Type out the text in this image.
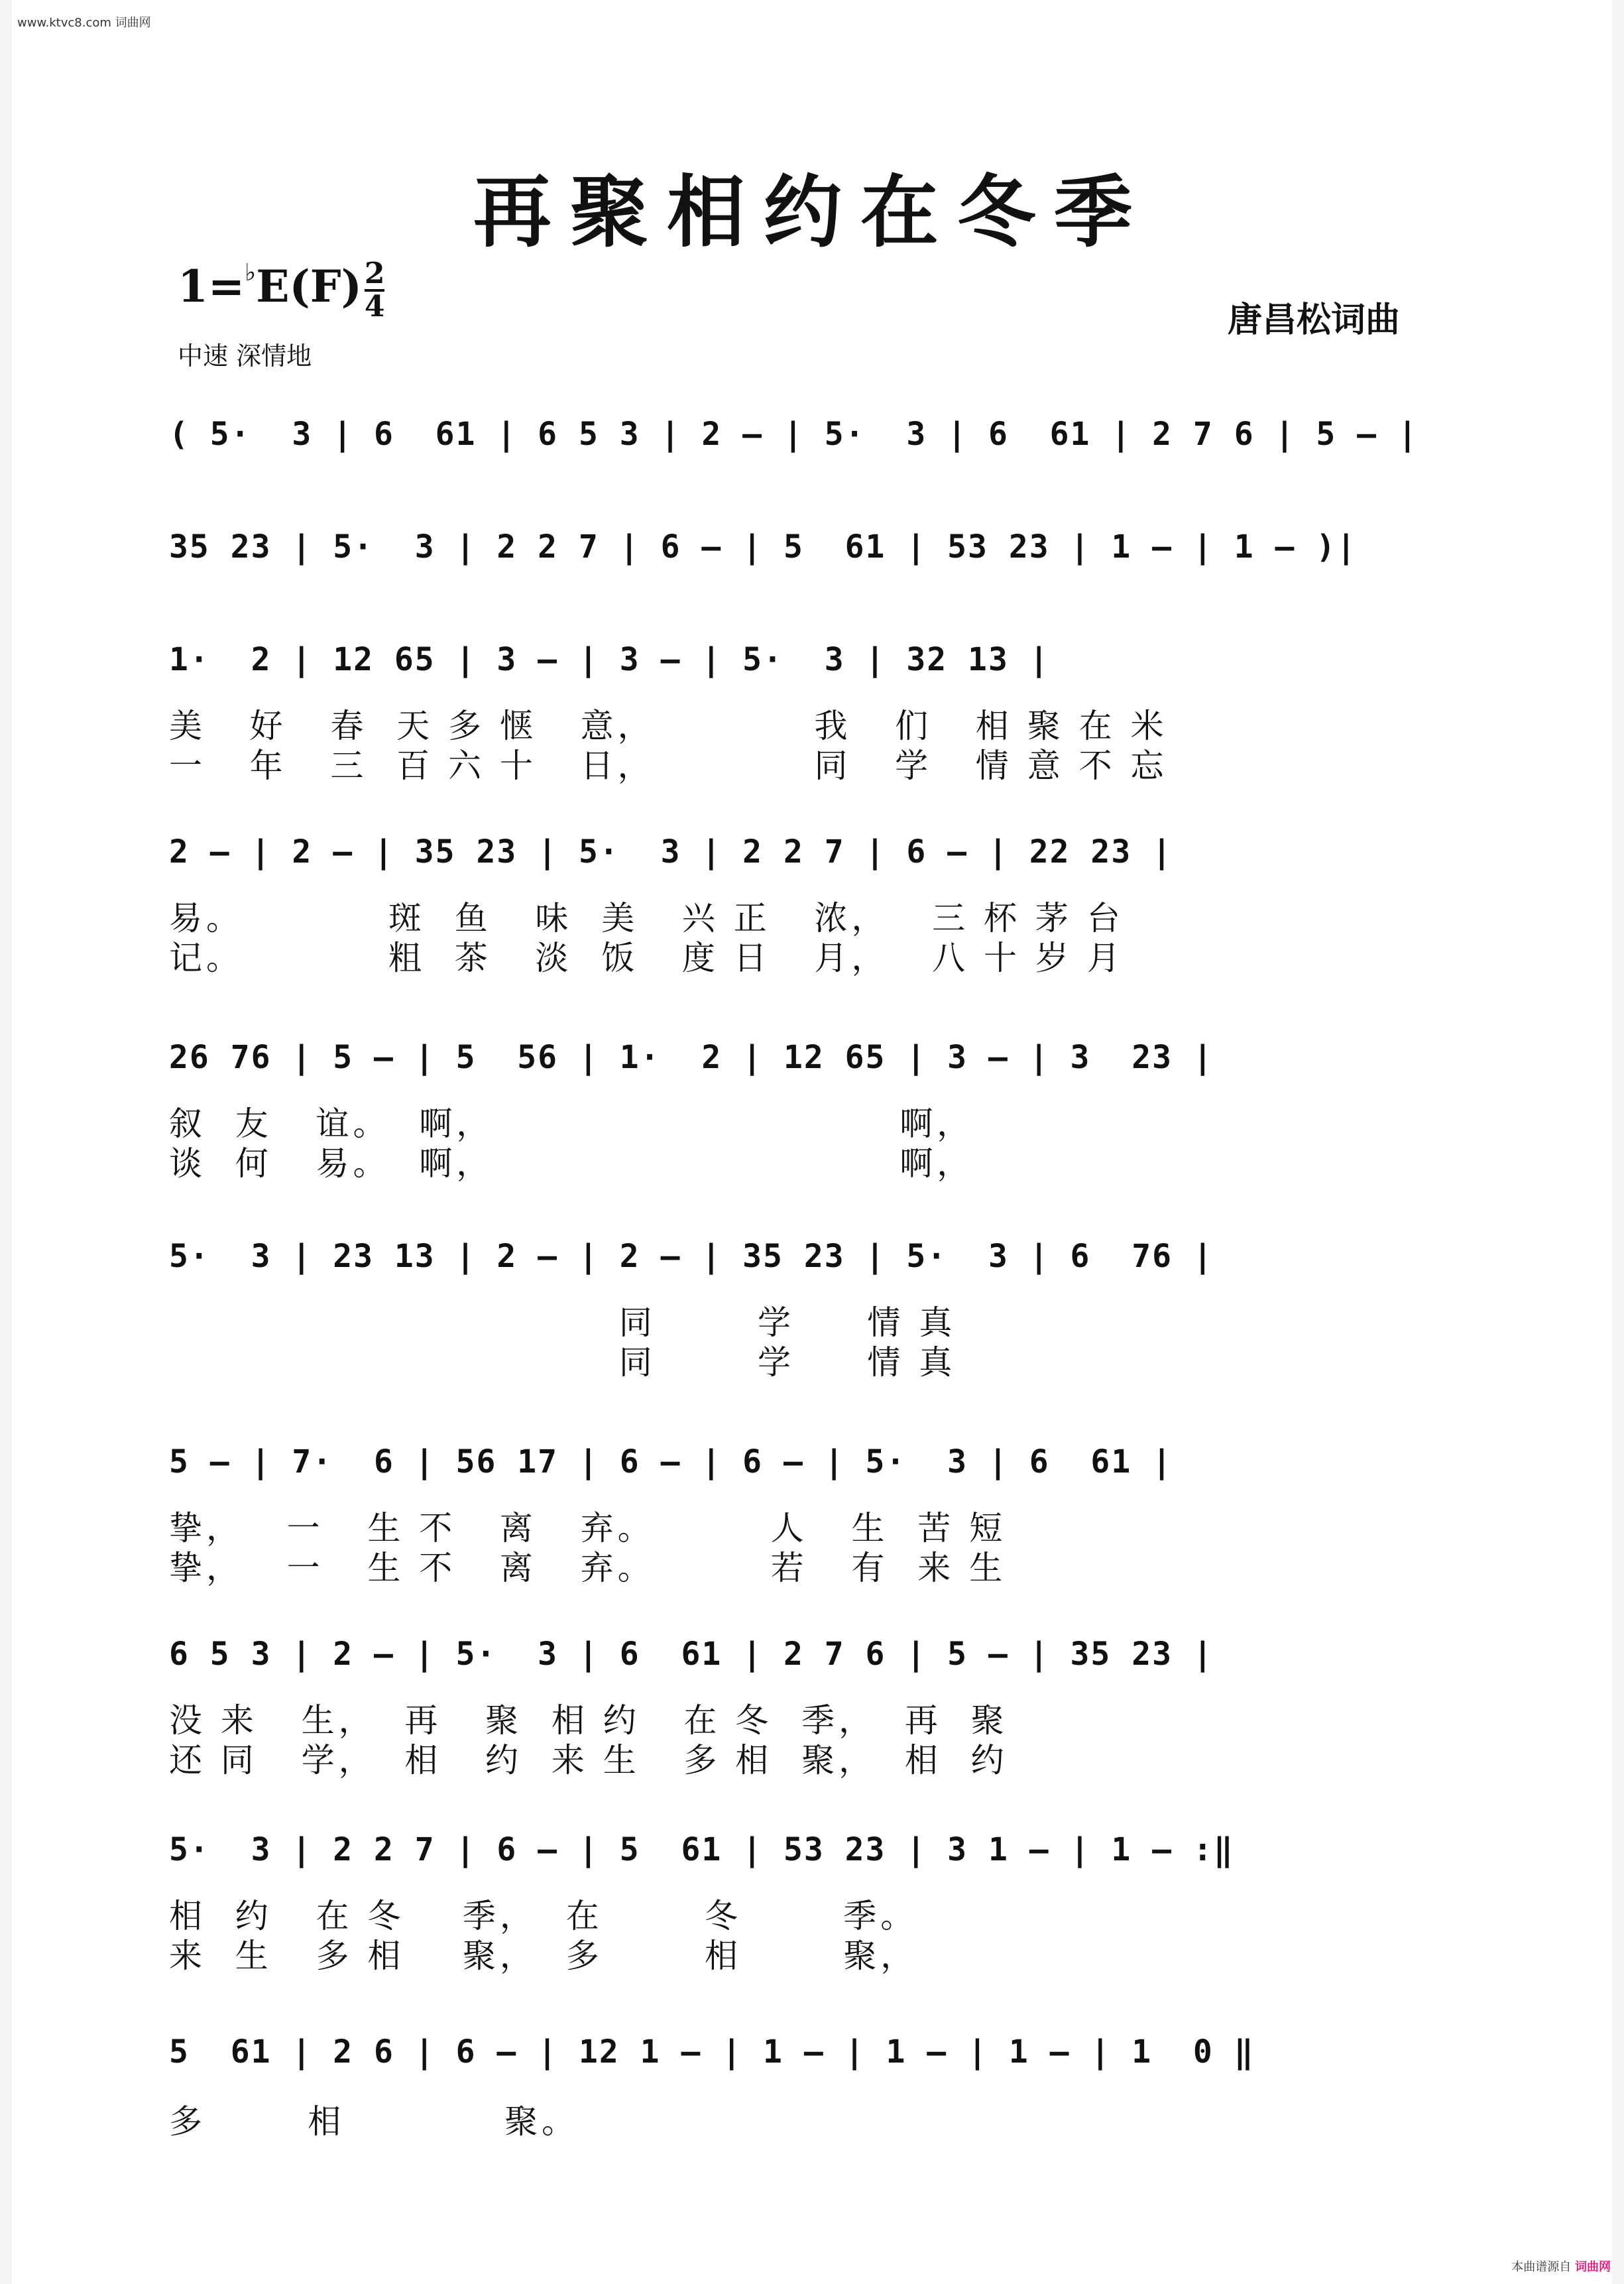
www.ktvc8.com 词曲网
再聚相约在冬季
$1=^♭E(F) \frac{2}{4}$
中速 深情地
唐昌松词曲
( 5·  3 | 6  61 | 6 5 3 | 2 – | 5·  3 | 6  61 | 2 7 6 | 5 – |
35 23 | 5·  3 | 2 2 7 | 6 – | 5  61 | 53 23 | 1 – | 1 – )|
1·  2 | 12 65 | 3 – | 3 – | 5·  3 | 32 13 |
美   好   春  天 多 惬   意，           我   们   相 聚 在 米
一   年   三  百 六 十   日，           同   学   情 意 不 忘
2 – | 2 – | 35 23 | 5·  3 | 2 2 7 | 6 – | 22 23 |
易。          斑  鱼   味  美   兴 正   浓，   三 杯 茅 台
记。          粗  茶   淡  饭   度 日   月，   八 十 岁 月
26 76 | 5 – | 5  56 | 1·  2 | 12 65 | 3 – | 3  23 |
叙  友   谊。  啊，                            啊，
谈  何   易。  啊，                            啊，
5·  3 | 23 13 | 2 – | 2 – | 35 23 | 5·  3 | 6  76 |
同       学     情 真
同       学     情 真
5 – | 7·  6 | 56 17 | 6 – | 6 – | 5·  3 | 6  61 |
挚，   一   生 不   离   弃。        人   生  苦 短
挚，   一   生 不   离   弃。        若   有  来 生
6 5 3 | 2 – | 5·  3 | 6  61 | 2 7 6 | 5 – | 35 23 |
没 来   生，  再   聚  相 约   在 冬  季，  再  聚
还 同   学，  相   约  来 生   多 相  聚，  相  约
5·  3 | 2 2 7 | 6 – | 5  61 | 53 23 | 3 1 – | 1 – :‖
相  约   在 冬    季，  在       冬       季。
来  生   多 相    聚，  多       相       聚，
5  61 | 2 6 | 6 – | 12 1 – | 1 – | 1 – | 1 – | 1  0 ‖
多       相           聚。
本曲谱源自 词曲网
